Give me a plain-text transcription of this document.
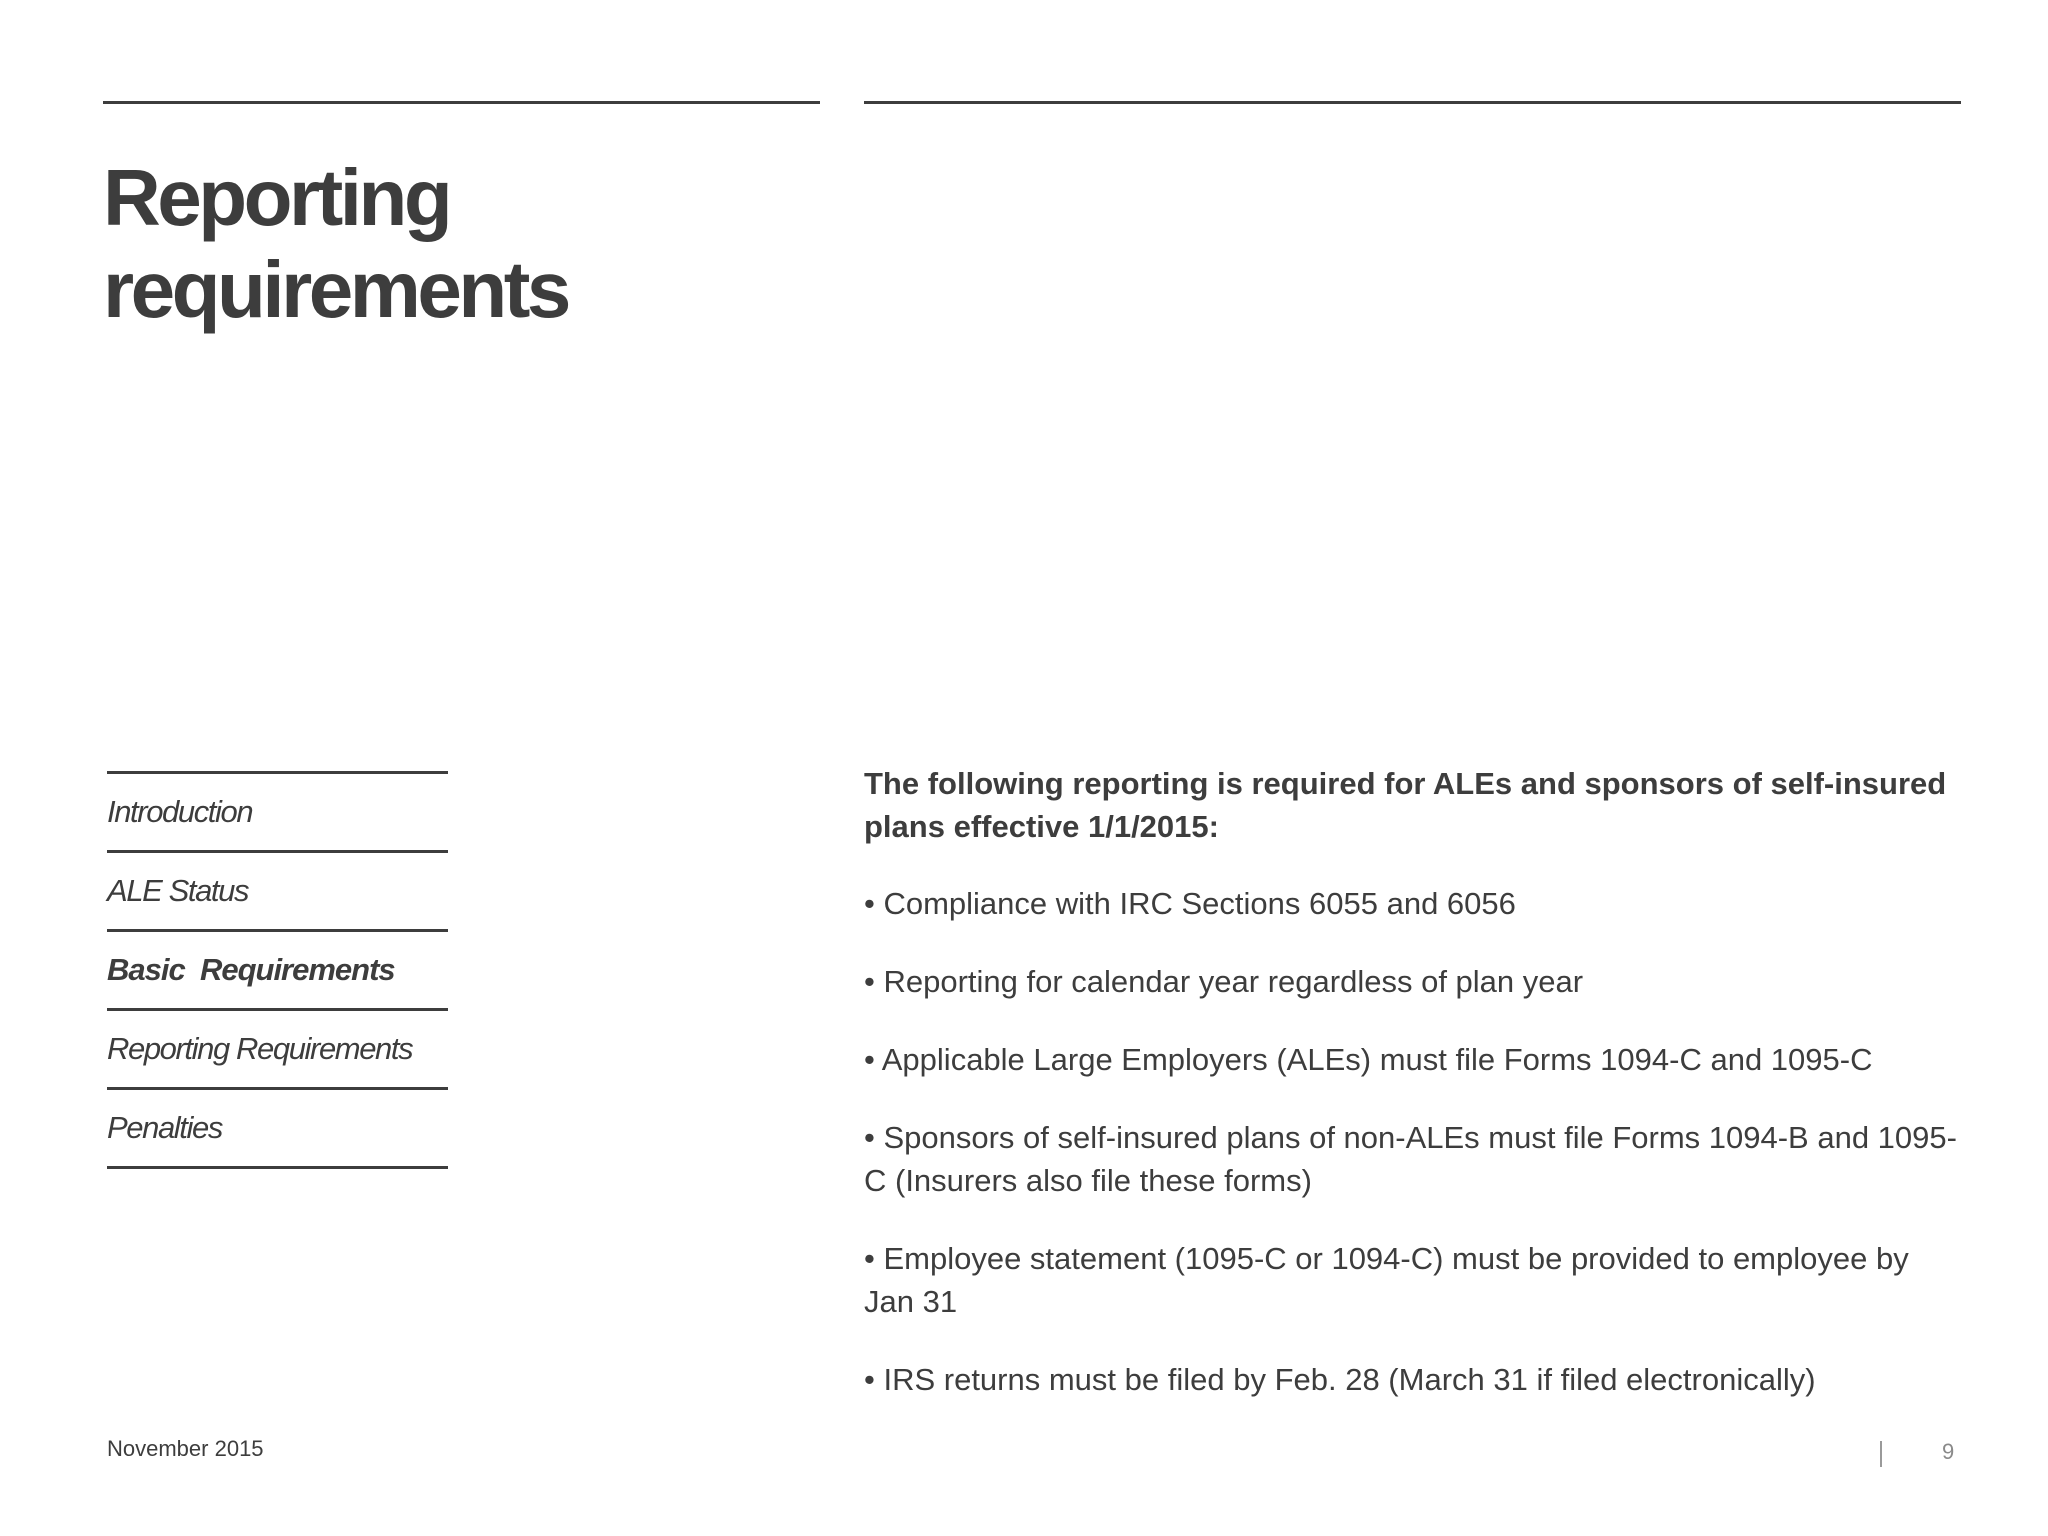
Reporting
requirements
Introduction
ALE Status
Basic  Requirements
Reporting Requirements
Penalties

The following reporting is required for ALEs and sponsors of self-insured plans effective 1/1/2015:

• Compliance with IRC Sections 6055 and 6056
• Reporting for calendar year regardless of plan year
• Applicable Large Employers (ALEs) must file Forms 1094-C and 1095-C
• Sponsors of self-insured plans of non-ALEs must file Forms 1094-B and 1095-C (Insurers also file these forms)
• Employee statement (1095-C or 1094-C) must be provided to employee by Jan 31
• IRS returns must be filed by Feb. 28 (March 31 if filed electronically)
November 2015	9
